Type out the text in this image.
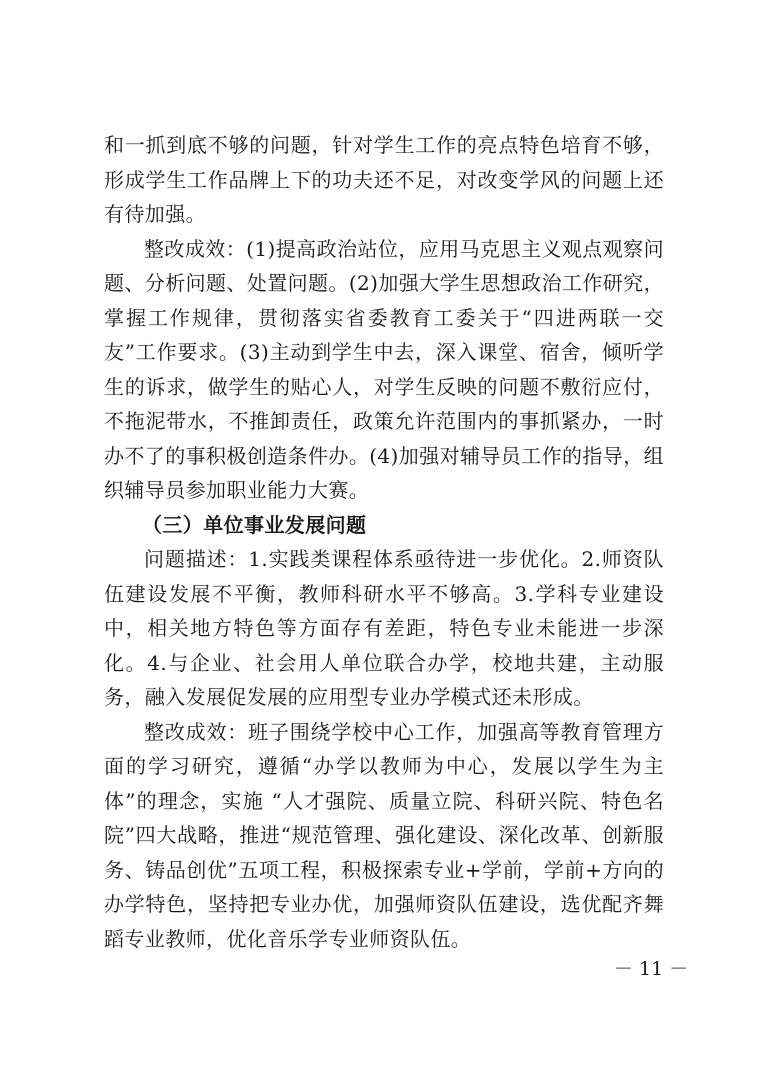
和一抓到底不够的问题，针对学生工作的亮点特色培育不够，形成学生工作品牌上下的功夫还不足，对改变学风的问题上还有待加强。

整改成效：(1)提高政治站位，应用马克思主义观点观察问题、分析问题、处置问题。(2)加强大学生思想政治工作研究，掌握工作规律，贯彻落实省委教育工委关于“四进两联一交友”工作要求。(3)主动到学生中去，深入课堂、宿舍，倾听学生的诉求，做学生的贴心人，对学生反映的问题不敷衍应付，不拖泥带水，不推卸责任，政策允许范围内的事抓紧办，一时办不了的事积极创造条件办。(4)加强对辅导员工作的指导，组织辅导员参加职业能力大赛。

（三）单位事业发展问题

问题描述：1.实践类课程体系亟待进一步优化。2.师资队伍建设发展不平衡，教师科研水平不够高。3.学科专业建设中，相关地方特色等方面存有差距，特色专业未能进一步深化。4.与企业、社会用人单位联合办学，校地共建，主动服务，融入发展促发展的应用型专业办学模式还未形成。

整改成效：班子围绕学校中心工作，加强高等教育管理方面的学习研究，遵循“办学以教师为中心，发展以学生为主体”的理念，实施 “人才强院、质量立院、科研兴院、特色名院”四大战略，推进“规范管理、强化建设、深化改革、创新服务、铸品创优”五项工程，积极探索专业+学前，学前+方向的办学特色，坚持把专业办优，加强师资队伍建设，选优配齐舞蹈专业教师，优化音乐学专业师资队伍。

－ 11 －
